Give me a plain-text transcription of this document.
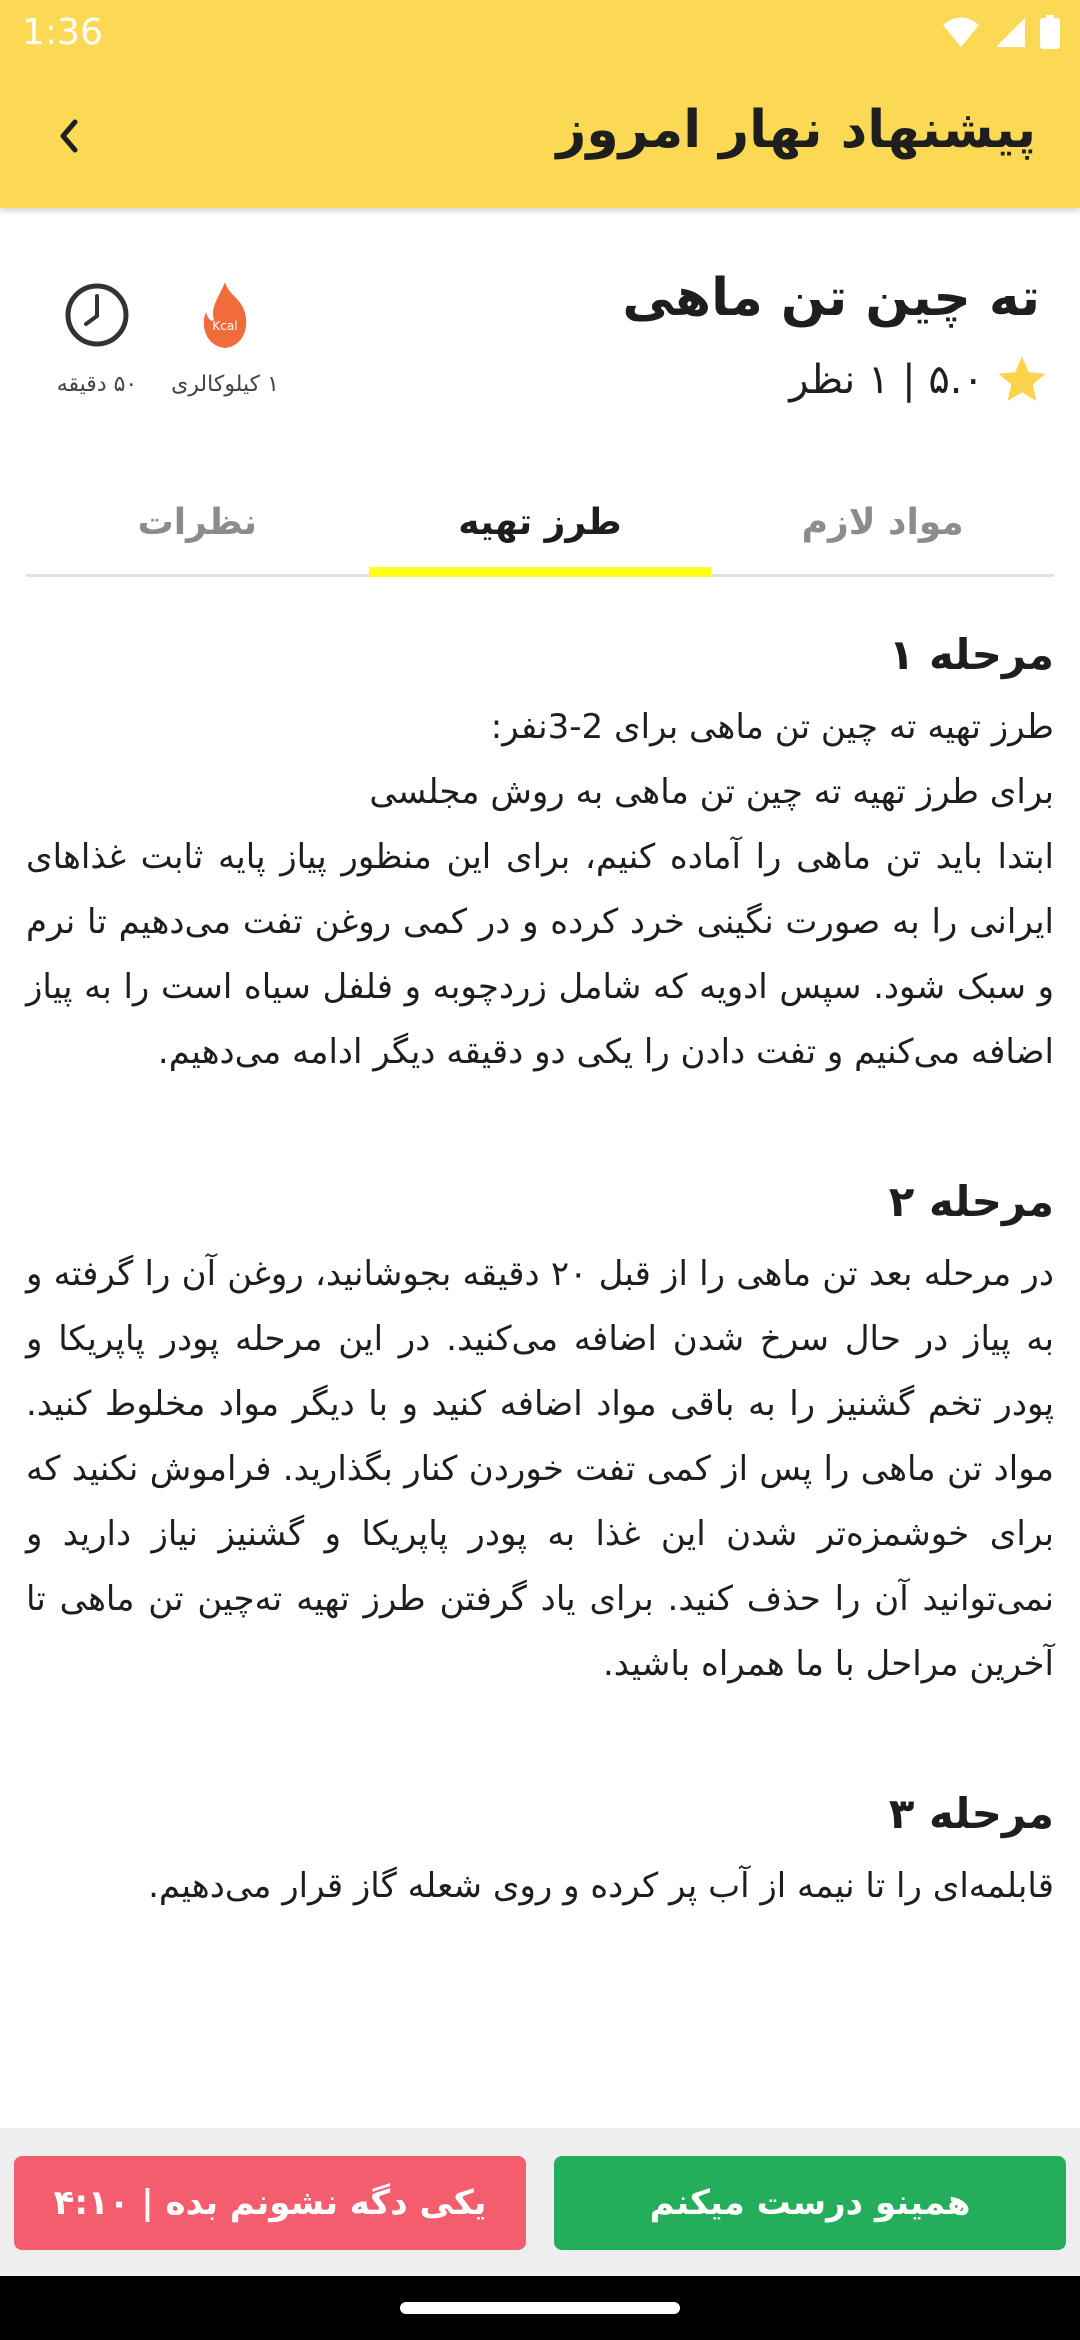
1:36
پیشنهاد نهار امروز
ته چین تن ماهی
۵.۰ | ۱ نظر
Kcal
۱ کیلوکالری
۵۰ دقیقه
مواد لازم
طرز تهیه
نظرات
مرحله ۱

طرز تهیه ته چین تن ماهی برای 2-3نفر:
برای طرز تهیه ته چین تن ماهی به روش مجلسی
ابتدا باید تن ماهی را آماده کنیم، برای این منظور پیاز پایه ثابت غذاهای ایرانی را به صورت نگینی خرد کرده و در کمی روغن تفت می‌دهیم تا نرم و سبک شود. سپس ادویه که شامل زردچوبه و فلفل سیاه است را به پیاز اضافه می‌کنیم و تفت دادن را یکی دو دقیقه دیگر ادامه می‌دهیم.

مرحله ۲

در مرحله بعد تن ماهی را از قبل ۲۰ دقیقه بجوشانید، روغن آن را گرفته و به پیاز در حال سرخ شدن اضافه می‌کنید. در این مرحله پودر پاپریکا و پودر تخم گشنیز را به باقی مواد اضافه کنید و با دیگر مواد مخلوط کنید. مواد تن ماهی را پس از کمی تفت خوردن کنار بگذارید. فراموش نکنید که برای خوشمزه‌تر شدن این غذا به پودر پاپریکا و گشنیز نیاز دارید و نمی‌توانید آن را حذف کنید. برای یاد گرفتن طرز تهیه ته‌چین تن ماهی تا آخرین مراحل با ما همراه باشید.

مرحله ۳

قابلمه‌ای را تا نیمه از آب پر کرده و روی شعله گاز قرار می‌دهیم.

همینو درست میکنم
یکی دگه نشونم بده | ۴:۱۰
